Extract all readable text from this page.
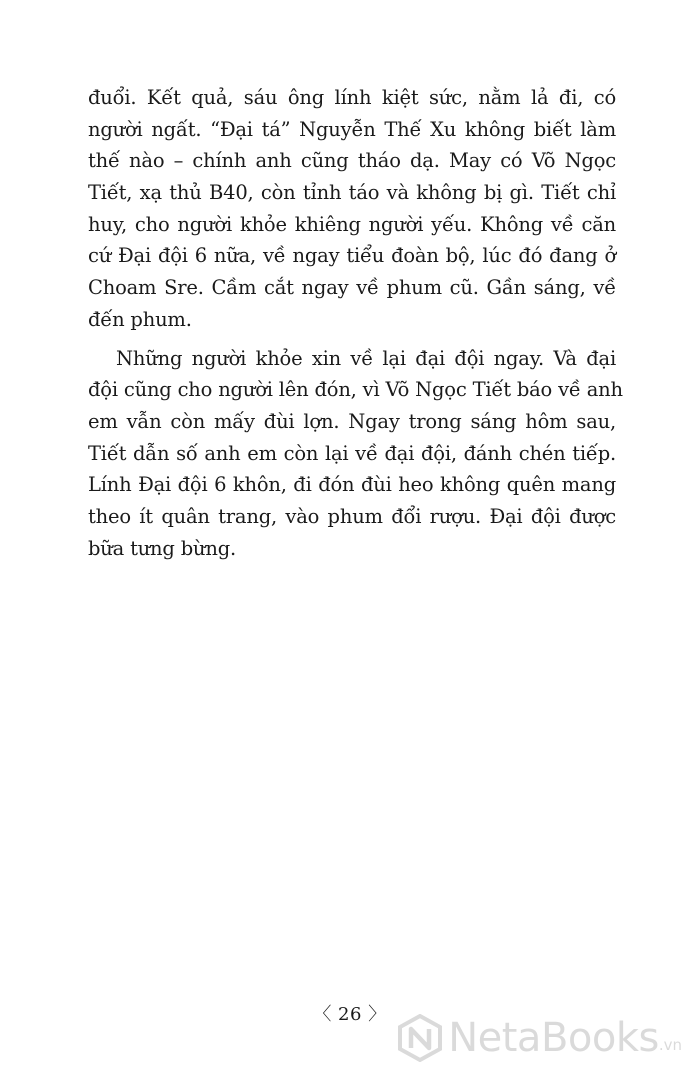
đuổi. Kết quả, sáu ông lính kiệt sức, nằm lả đi, có
người ngất. “Đại tá” Nguyễn Thế Xu không biết làm
thế nào – chính anh cũng tháo dạ. May có Võ Ngọc
Tiết, xạ thủ B40, còn tỉnh táo và không bị gì. Tiết chỉ
huy, cho người khỏe khiêng người yếu. Không về căn
cứ Đại đội 6 nữa, về ngay tiểu đoàn bộ, lúc đó đang ở
Choam Sre. Cầm cắt ngay về phum cũ. Gần sáng, về
đến phum.
Những người khỏe xin về lại đại đội ngay. Và đại
đội cũng cho người lên đón, vì Võ Ngọc Tiết báo về anh
em vẫn còn mấy đùi lợn. Ngay trong sáng hôm sau,
Tiết dẫn số anh em còn lại về đại đội, đánh chén tiếp.
Lính Đại đội 6 khôn, đi đón đùi heo không quên mang
theo ít quân trang, vào phum đổi rượu. Đại đội được
bữa tưng bừng.
〈 26 〉
NetaBooks .vn
